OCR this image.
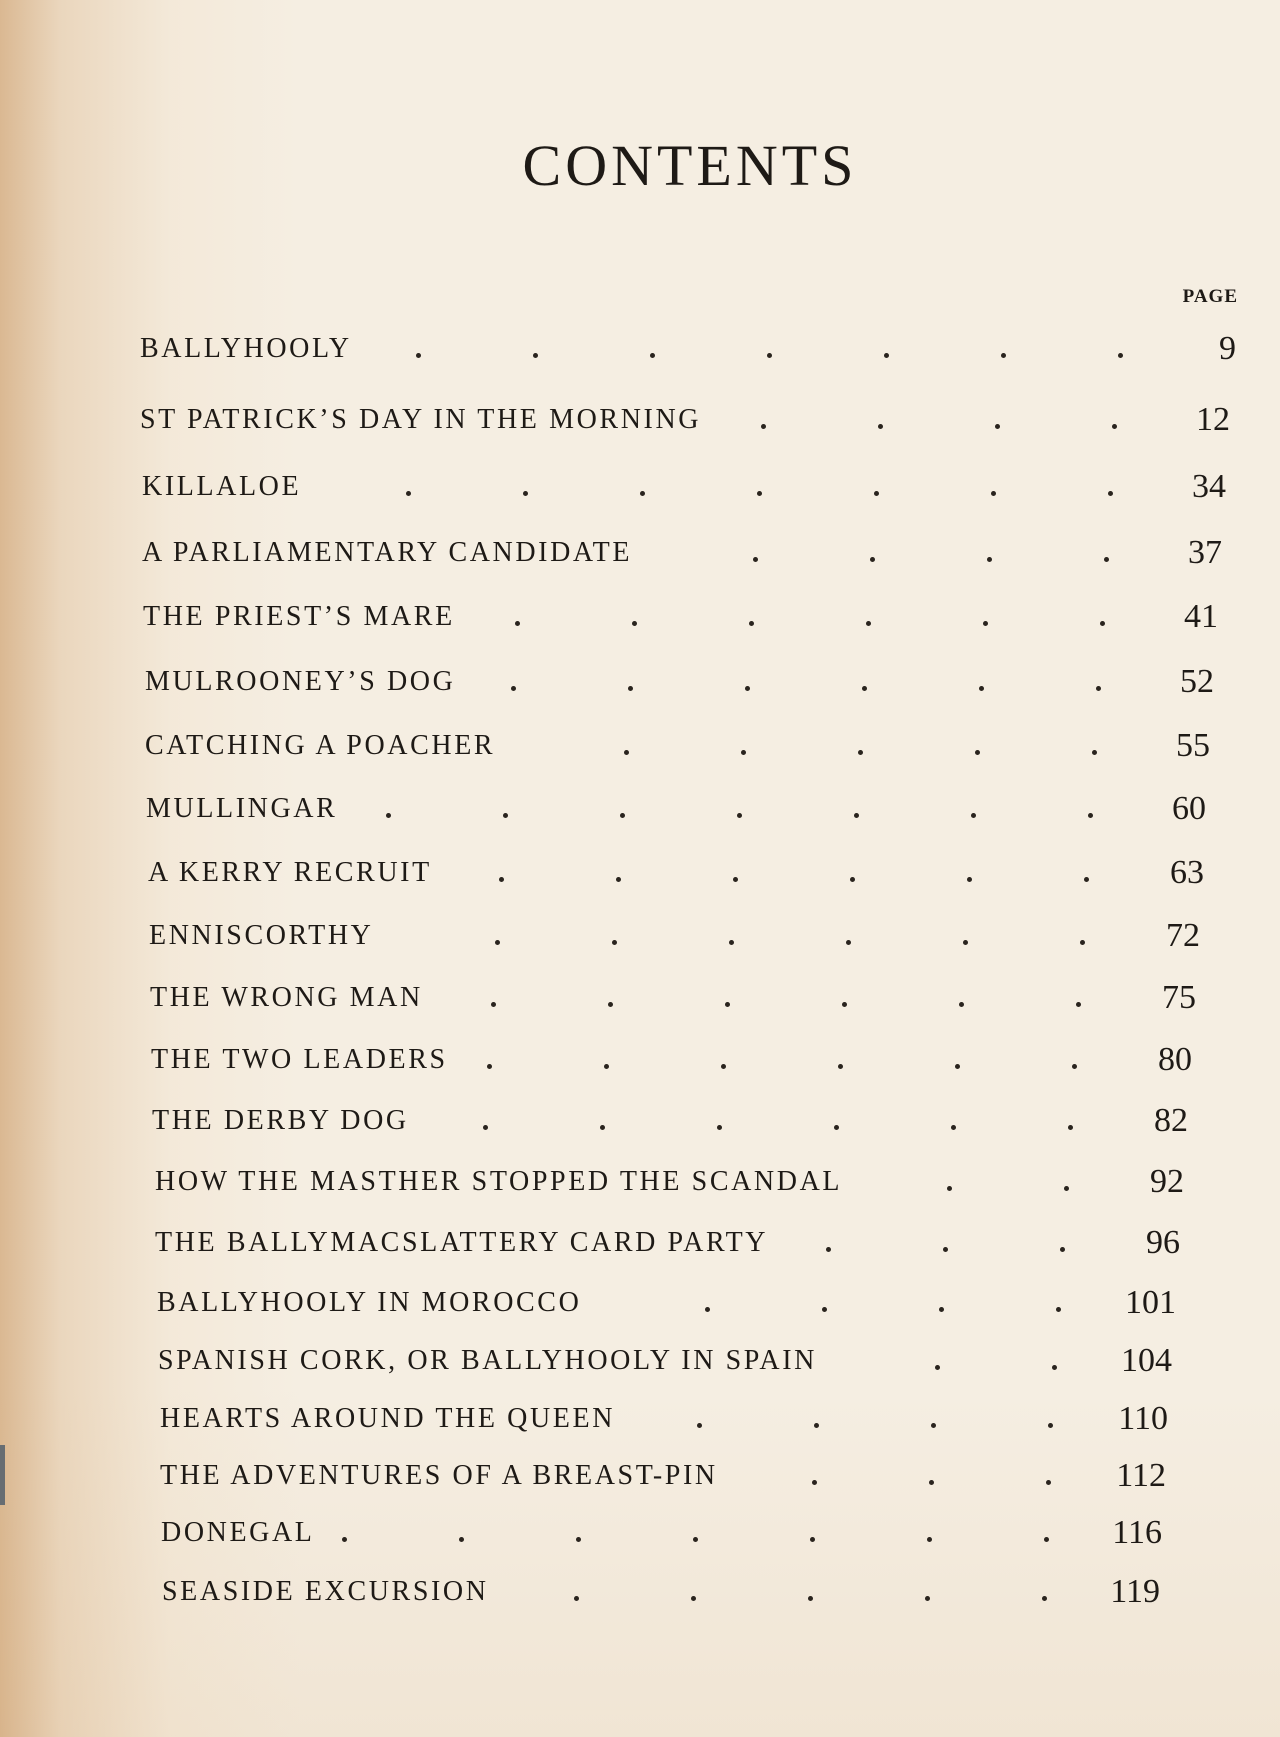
CONTENTS
PAGE
BALLYHOOLY	9
ST PATRICK’S DAY IN THE MORNING	12
KILLALOE	34
A PARLIAMENTARY CANDIDATE	37
THE PRIEST’S MARE	41
MULROONEY’S DOG	52
CATCHING A POACHER	55
MULLINGAR	60
A KERRY RECRUIT	63
ENNISCORTHY	72
THE WRONG MAN	75
THE TWO LEADERS	80
THE DERBY DOG	82
HOW THE MASTHER STOPPED THE SCANDAL	92
THE BALLYMACSLATTERY CARD PARTY	96
BALLYHOOLY IN MOROCCO	101
SPANISH CORK, OR BALLYHOOLY IN SPAIN	104
HEARTS AROUND THE QUEEN	110
THE ADVENTURES OF A BREAST-PIN	112
DONEGAL	116
SEASIDE EXCURSION	119
